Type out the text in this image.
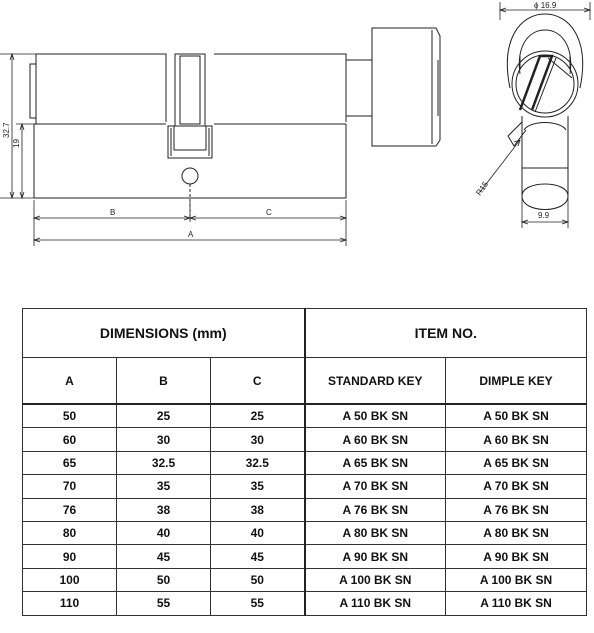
32.7
19
B	C
A
ϕ 16.9
R15
9.9
DIMENSIONS (mm)			ITEM NO.	
A	B	C	STANDARD KEY	DIMPLE KEY
50	25	25	A 50 BK SN	A 50 BK SN
60	30	30	A 60 BK SN	A 60 BK SN
65	32.5	32.5	A 65 BK SN	A 65 BK SN
70	35	35	A 70 BK SN	A 70 BK SN
76	38	38	A 76 BK SN	A 76 BK SN
80	40	40	A 80 BK SN	A 80 BK SN
90	45	45	A 90 BK SN	A 90 BK SN
100	50	50	A 100 BK SN	A 100 BK SN
110	55	55	A 110 BK SN	A 110 BK SN
